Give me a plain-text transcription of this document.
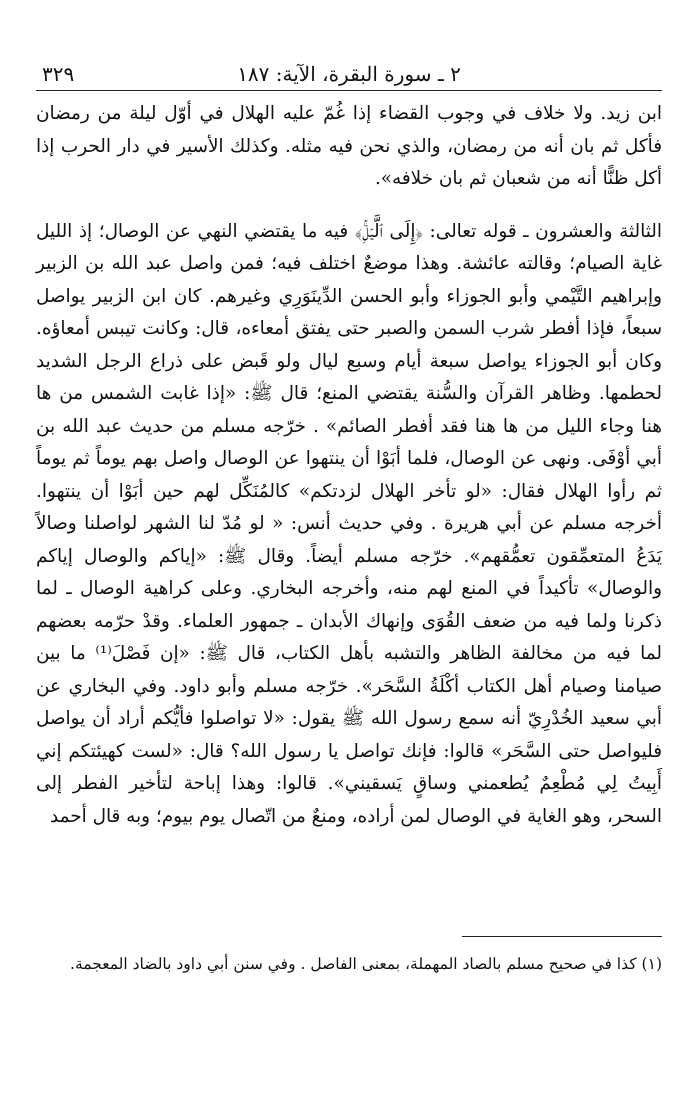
٢ ـ سورة البقرة، الآية: ١٨٧
٣٢٩

ابن زيد. ولا خلاف في وجوب القضاء إذا غُمّ عليه الهلال في أوّل ليلة من رمضان فأكل ثم بان أنه من رمضان، والذي نحن فيه مثله. وكذلك الأسير في دار الحرب إذا أكل ظنًّا أنه من شعبان ثم بان خلافه».

الثالثة والعشرون ـ قوله تعالى: ﴿إِلَى ٱلَّيۡلِۚ﴾ فيه ما يقتضي النهي عن الوصال؛ إذ الليل غاية الصيام؛ وقالته عائشة. وهذا موضعٌ اختلف فيه؛ فمن واصل عبد الله بن الزبير وإبراهيم التَّيْمي وأبو الجوزاء وأبو الحسن الدِّينَوَرِي وغيرهم. كان ابن الزبير يواصل سبعاً، فإذا أفطر شرب السمن والصبر حتى يفتق أمعاءه، قال: وكانت تيبس أمعاؤه. وكان أبو الجوزاء يواصل سبعة أيام وسبع ليال ولو قَبض على ذراع الرجل الشديد لحطمها. وظاهر القرآن والسُّنة يقتضي المنع؛ قال ﷺ: «إذا غابت الشمس من ها هنا وجاء الليل من ها هنا فقد أفطر الصائم» . خرّجه مسلم من حديث عبد الله بن أبي أوْفَى. ونهى عن الوصال، فلما أبَوْا أن ينتهوا عن الوصال واصل بهم يوماً ثم يوماً ثم رأوا الهلال فقال: «لو تأخر الهلال لزدتكم» كالمُنَكِّل لهم حين أبَوْا أن ينتهوا. أخرجه مسلم عن أبي هريرة . وفي حديث أنس: « لو مُدّ لنا الشهر لواصلنا وصالاً يَدَعُ المتعمِّقون تعمُّقهم». خرّجه مسلم أيضاً. وقال ﷺ: «إياكم والوصال إياكم والوصال» تأكيداً في المنع لهم منه، وأخرجه البخاري. وعلى كراهية الوصال ـ لما ذكرنا ولما فيه من ضعف القُوَى وإنهاك الأبدان ـ جمهور العلماء. وقدْ حرّمه بعضهم لما فيه من مخالفة الظاهر والتشبه بأهل الكتاب، قال ﷺ: «إن فَصْلَ⁽¹⁾ ما بين صيامنا وصيام أهل الكتاب أكْلَةُ السَّحَر». خرّجه مسلم وأبو داود. وفي البخاري عن أبي سعيد الخُدْرِيّ أنه سمع رسول الله ﷺ يقول: «لا تواصلوا فأيُّكم أراد أن يواصل فليواصل حتى السَّحَر» قالوا: فإنك تواصل يا رسول الله؟ قال: «لست كهيئتكم إني أَبِيتُ لِي مُطْعِمٌ يُطعمني وساقٍ يَسقيني». قالوا: وهذا إباحة لتأخير الفطر إلى السحر، وهو الغاية في الوصال لمن أراده، ومنعٌ من اتّصال يوم بيوم؛ وبه قال أحمد

(١) كذا في صحيح مسلم بالصاد المهملة، بمعنى الفاصل . وفي سنن أبي داود بالضاد المعجمة.
